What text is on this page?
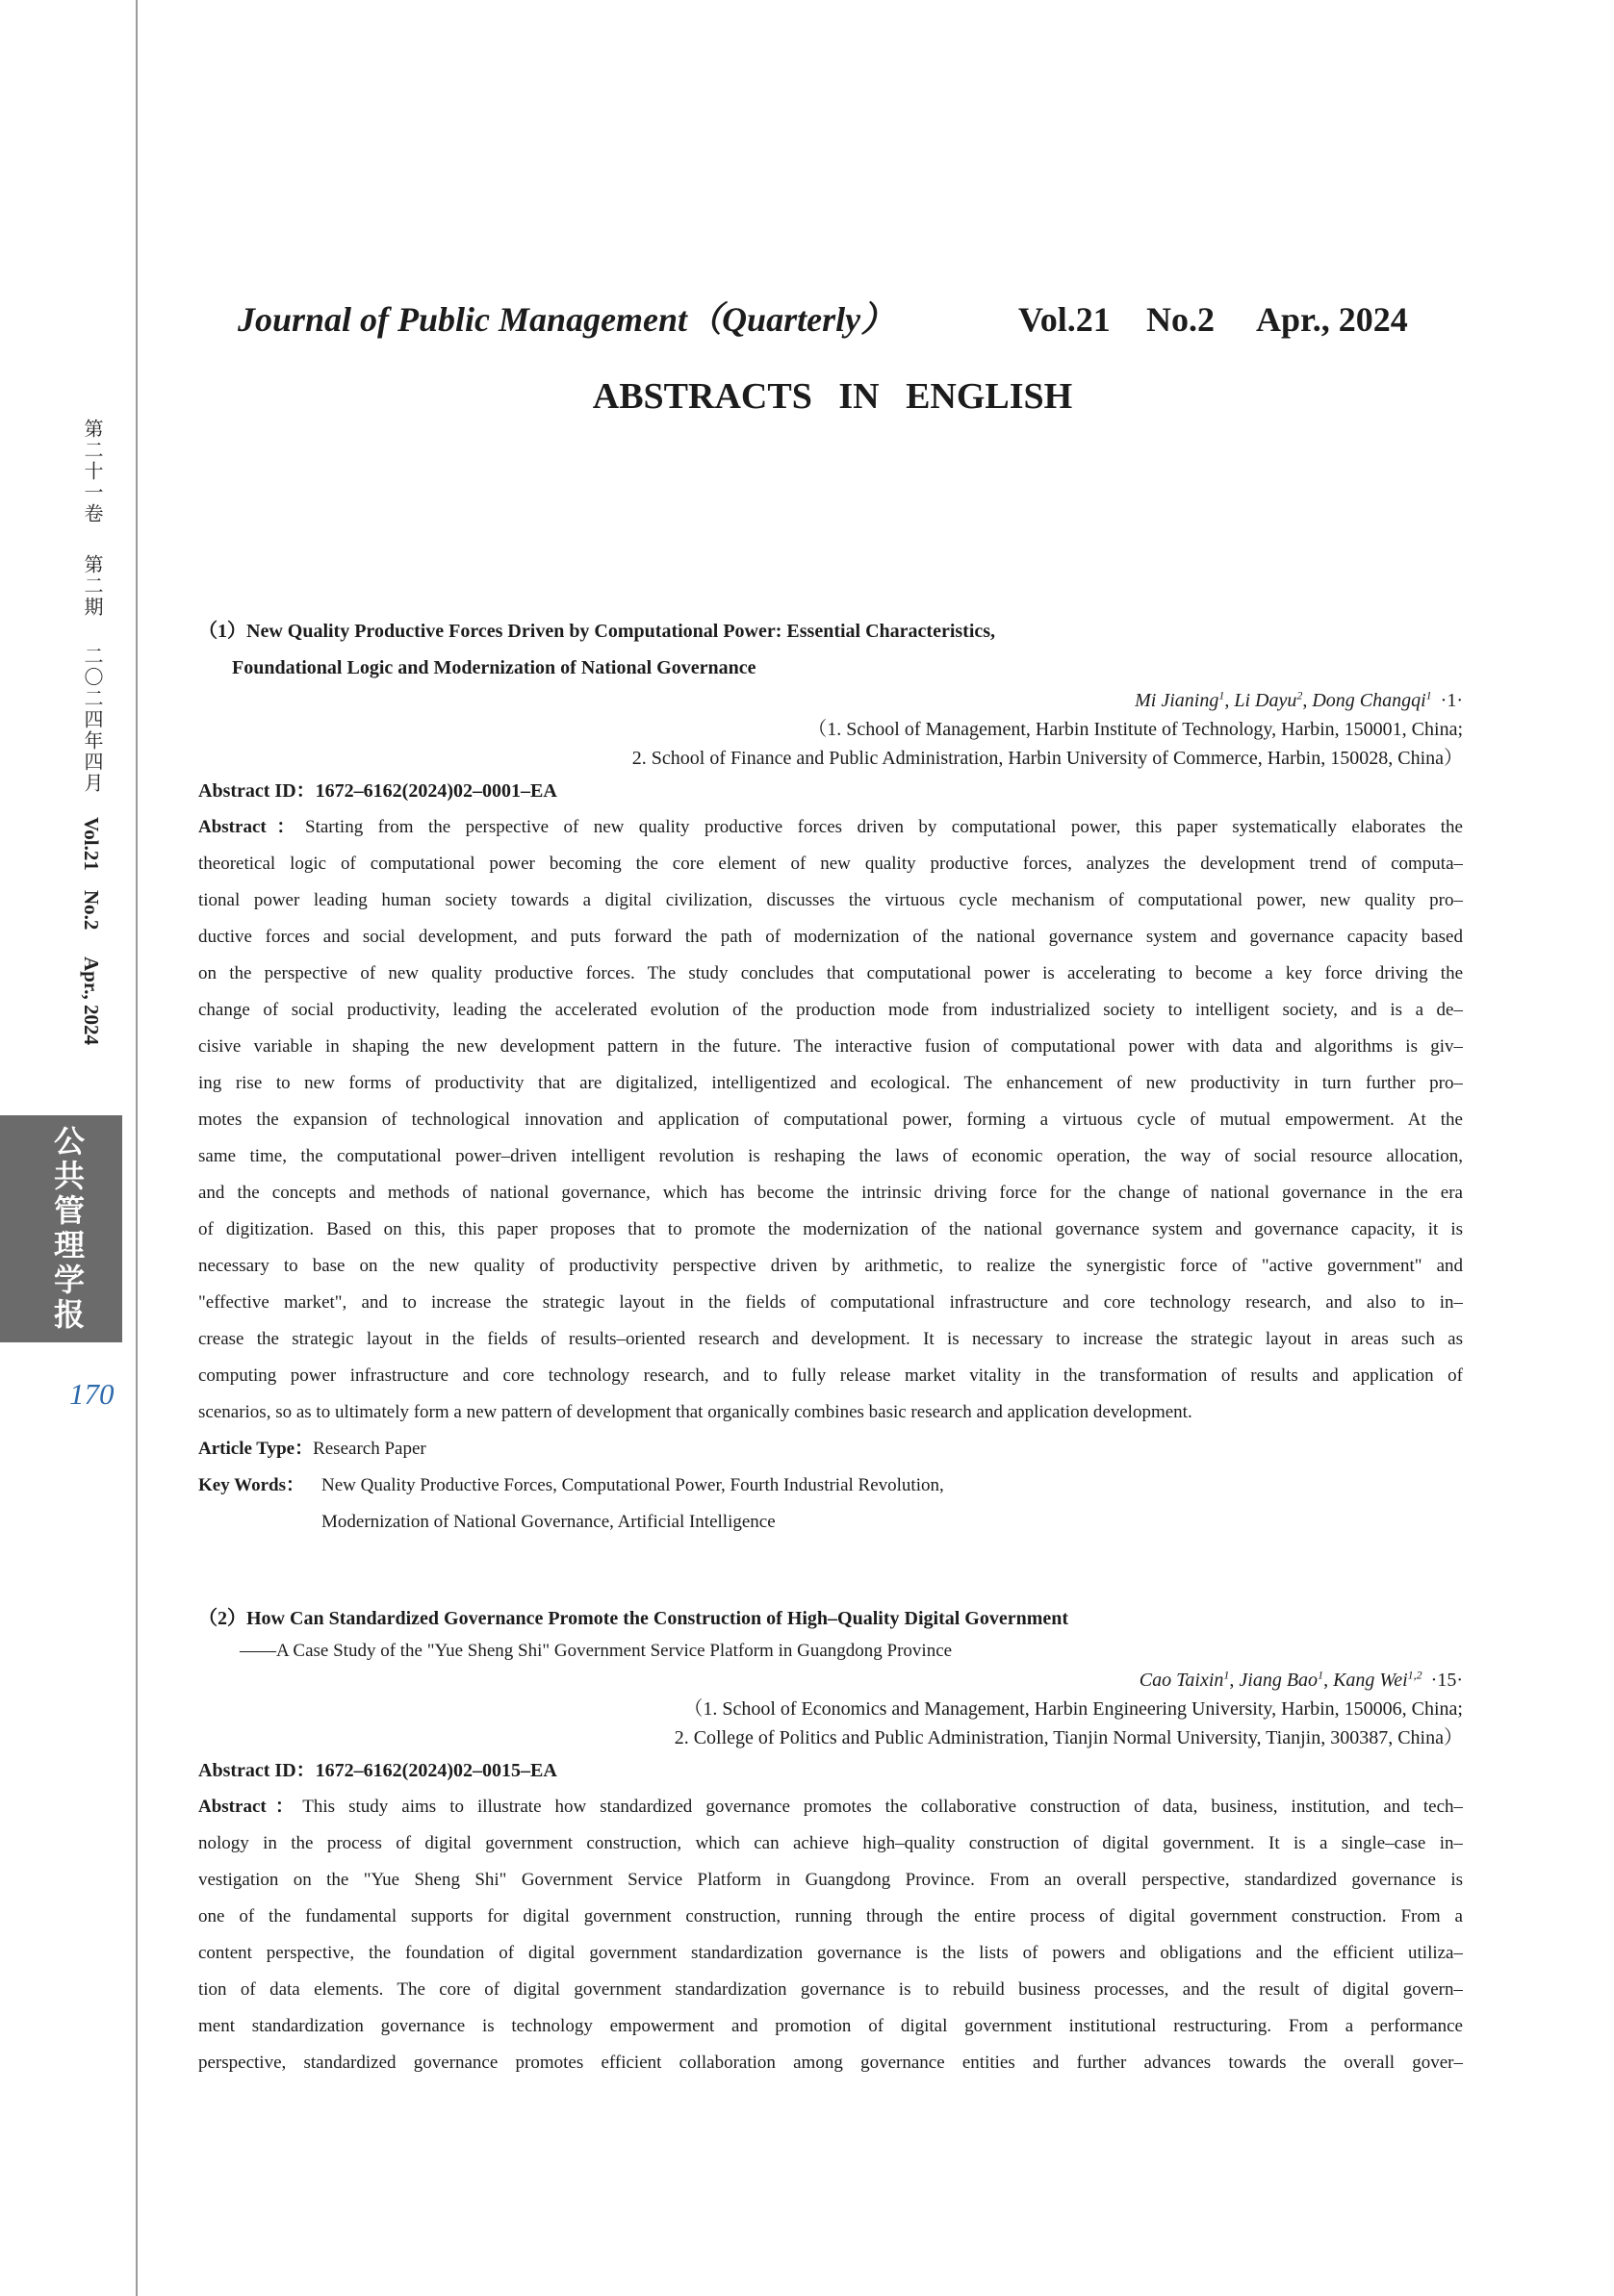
第二十一卷
第二期
二〇二四年四月
Vol.21
No.2
Apr., 2024
公共管理学报
170
Journal of Public Management（Quarterly）	Vol.21 No.2 Apr., 2024
ABSTRACTS IN ENGLISH
（1）New Quality Productive Forces Driven by Computational Power: Essential Characteristics,
Foundational Logic and Modernization of National Governance
Mi Jianing$^1$, Li Dayu$^2$, Dong Changqi$^1$ ·1·
（1. School of Management, Harbin Institute of Technology, Harbin, 150001, China;
2. School of Finance and Public Administration, Harbin University of Commerce, Harbin, 150028, China）
Abstract ID：1672–6162(2024)02–0001–EA
Abstract：Starting from the perspective of new quality productive forces driven by computational power, this paper systematically elaborates the
theoretical logic of computational power becoming the core element of new quality productive forces, analyzes the development trend of computa–
tional power leading human society towards a digital civilization, discusses the virtuous cycle mechanism of computational power, new quality pro–
ductive forces and social development, and puts forward the path of modernization of the national governance system and governance capacity based
on the perspective of new quality productive forces. The study concludes that computational power is accelerating to become a key force driving the
change of social productivity, leading the accelerated evolution of the production mode from industrialized society to intelligent society, and is a de–
cisive variable in shaping the new development pattern in the future. The interactive fusion of computational power with data and algorithms is giv–
ing rise to new forms of productivity that are digitalized, intelligentized and ecological. The enhancement of new productivity in turn further pro–
motes the expansion of technological innovation and application of computational power, forming a virtuous cycle of mutual empowerment. At the
same time, the computational power–driven intelligent revolution is reshaping the laws of economic operation, the way of social resource allocation,
and the concepts and methods of national governance, which has become the intrinsic driving force for the change of national governance in the era
of digitization. Based on this, this paper proposes that to promote the modernization of the national governance system and governance capacity, it is
necessary to base on the new quality of productivity perspective driven by arithmetic, to realize the synergistic force of "active government" and
"effective market", and to increase the strategic layout in the fields of computational infrastructure and core technology research, and also to in–
crease the strategic layout in the fields of results–oriented research and development. It is necessary to increase the strategic layout in areas such as
computing power infrastructure and core technology research, and to fully release market vitality in the transformation of results and application of
scenarios, so as to ultimately form a new pattern of development that organically combines basic research and application development.
Article Type：Research Paper
Key Words： New Quality Productive Forces, Computational Power, Fourth Industrial Revolution,
Modernization of National Governance, Artificial Intelligence
（2）How Can Standardized Governance Promote the Construction of High–Quality Digital Government
——A Case Study of the "Yue Sheng Shi" Government Service Platform in Guangdong Province
Cao Taixin$^1$, Jiang Bao$^1$, Kang Wei$^{1,2}$ ·15·
（1. School of Economics and Management, Harbin Engineering University, Harbin, 150006, China;
2. College of Politics and Public Administration, Tianjin Normal University, Tianjin, 300387, China）
Abstract ID：1672–6162(2024)02–0015–EA
Abstract：This study aims to illustrate how standardized governance promotes the collaborative construction of data, business, institution, and tech–
nology in the process of digital government construction, which can achieve high–quality construction of digital government. It is a single–case in–
vestigation on the "Yue Sheng Shi" Government Service Platform in Guangdong Province. From an overall perspective, standardized governance is
one of the fundamental supports for digital government construction, running through the entire process of digital government construction. From a
content perspective, the foundation of digital government standardization governance is the lists of powers and obligations and the efficient utiliza–
tion of data elements. The core of digital government standardization governance is to rebuild business processes, and the result of digital govern–
ment standardization governance is technology empowerment and promotion of digital government institutional restructuring. From a performance
perspective, standardized governance promotes efficient collaboration among governance entities and further advances towards the overall gover–
